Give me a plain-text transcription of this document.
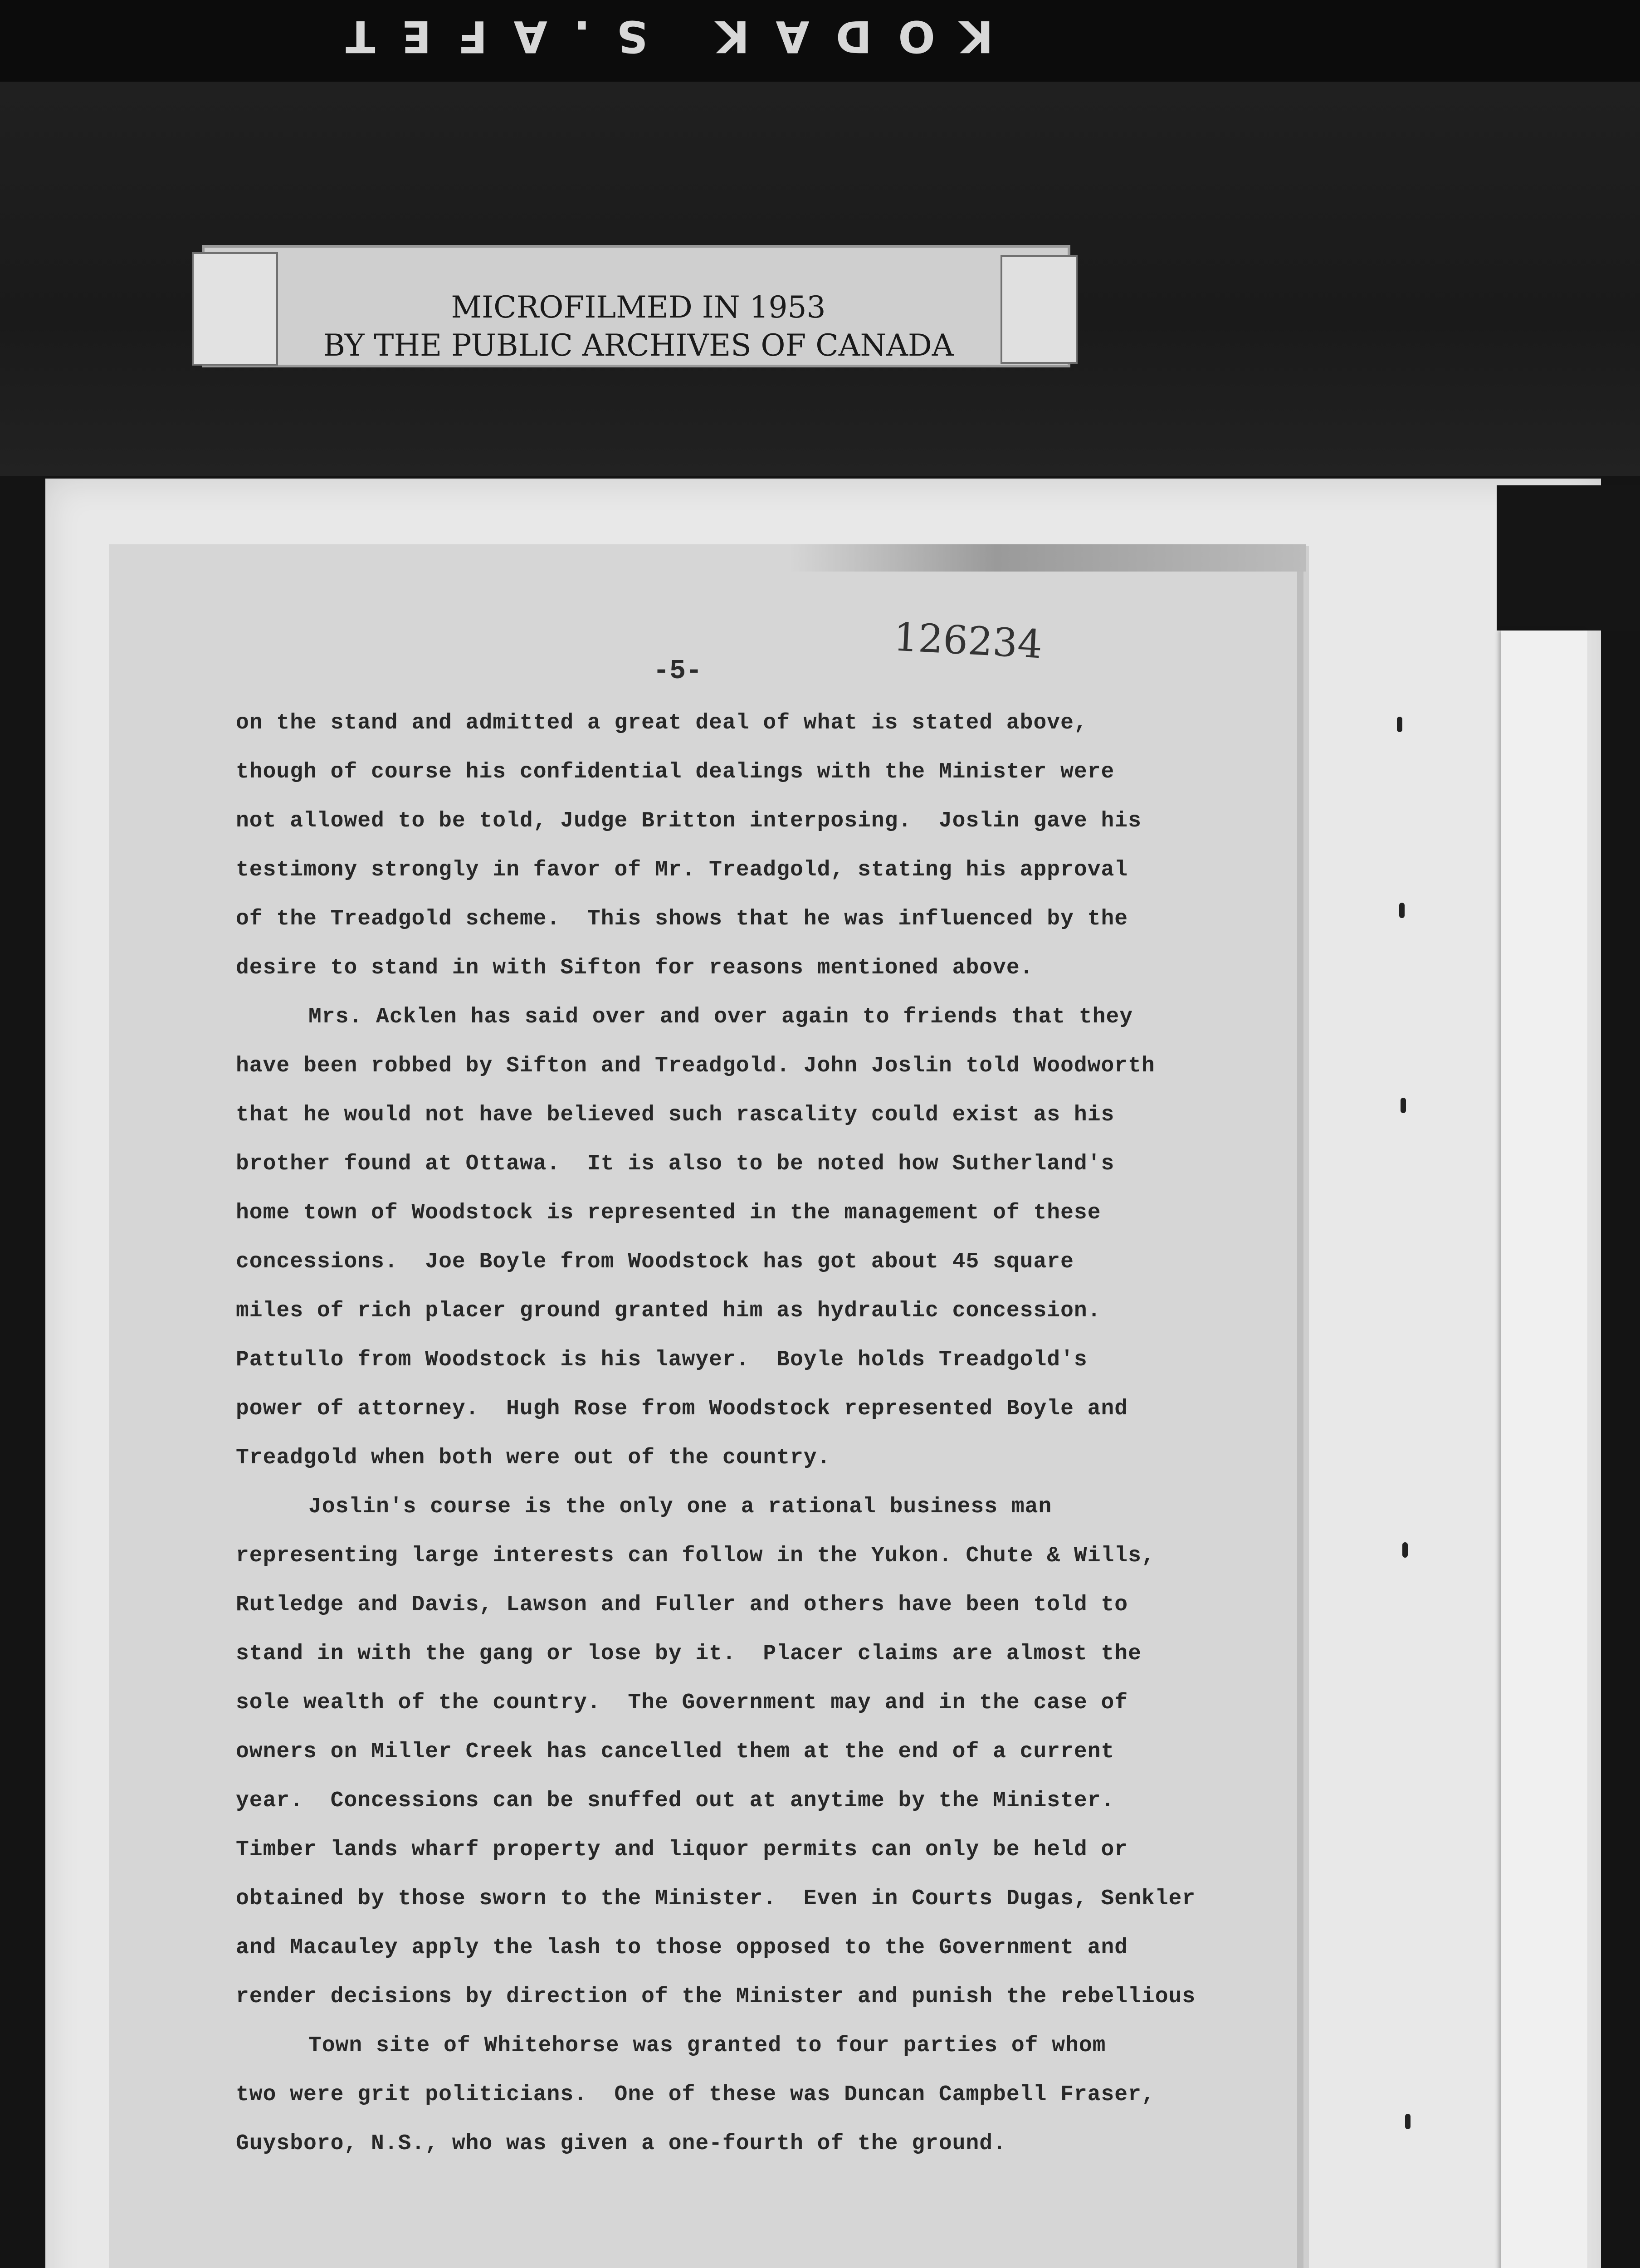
KODAK S.AFET
MICROFILMED IN 1953
BY THE PUBLIC ARCHIVES OF CANADA
126234
-5-
on the stand and admitted a great deal of what is stated above,
though of course his confidential dealings with the Minister were
not allowed to be told, Judge Britton interposing.  Joslin gave his
testimony strongly in favor of Mr. Treadgold, stating his approval
of the Treadgold scheme.  This shows that he was influenced by the
desire to stand in with Sifton for reasons mentioned above.
Mrs. Acklen has said over and over again to friends that they
have been robbed by Sifton and Treadgold. John Joslin told Woodworth
that he would not have believed such rascality could exist as his
brother found at Ottawa.  It is also to be noted how Sutherland's
home town of Woodstock is represented in the management of these
concessions.  Joe Boyle from Woodstock has got about 45 square
miles of rich placer ground granted him as hydraulic concession.
Pattullo from Woodstock is his lawyer.  Boyle holds Treadgold's
power of attorney.  Hugh Rose from Woodstock represented Boyle and
Treadgold when both were out of the country.
Joslin's course is the only one a rational business man
representing large interests can follow in the Yukon. Chute & Wills,
Rutledge and Davis, Lawson and Fuller and others have been told to
stand in with the gang or lose by it.  Placer claims are almost the
sole wealth of the country.  The Government may and in the case of
owners on Miller Creek has cancelled them at the end of a current
year.  Concessions can be snuffed out at anytime by the Minister.
Timber lands wharf property and liquor permits can only be held or
obtained by those sworn to the Minister.  Even in Courts Dugas, Senkler
and Macauley apply the lash to those opposed to the Government and
render decisions by direction of the Minister and punish the rebellious
Town site of Whitehorse was granted to four parties of whom
two were grit politicians.  One of these was Duncan Campbell Fraser,
Guysboro, N.S., who was given a one-fourth of the ground.
